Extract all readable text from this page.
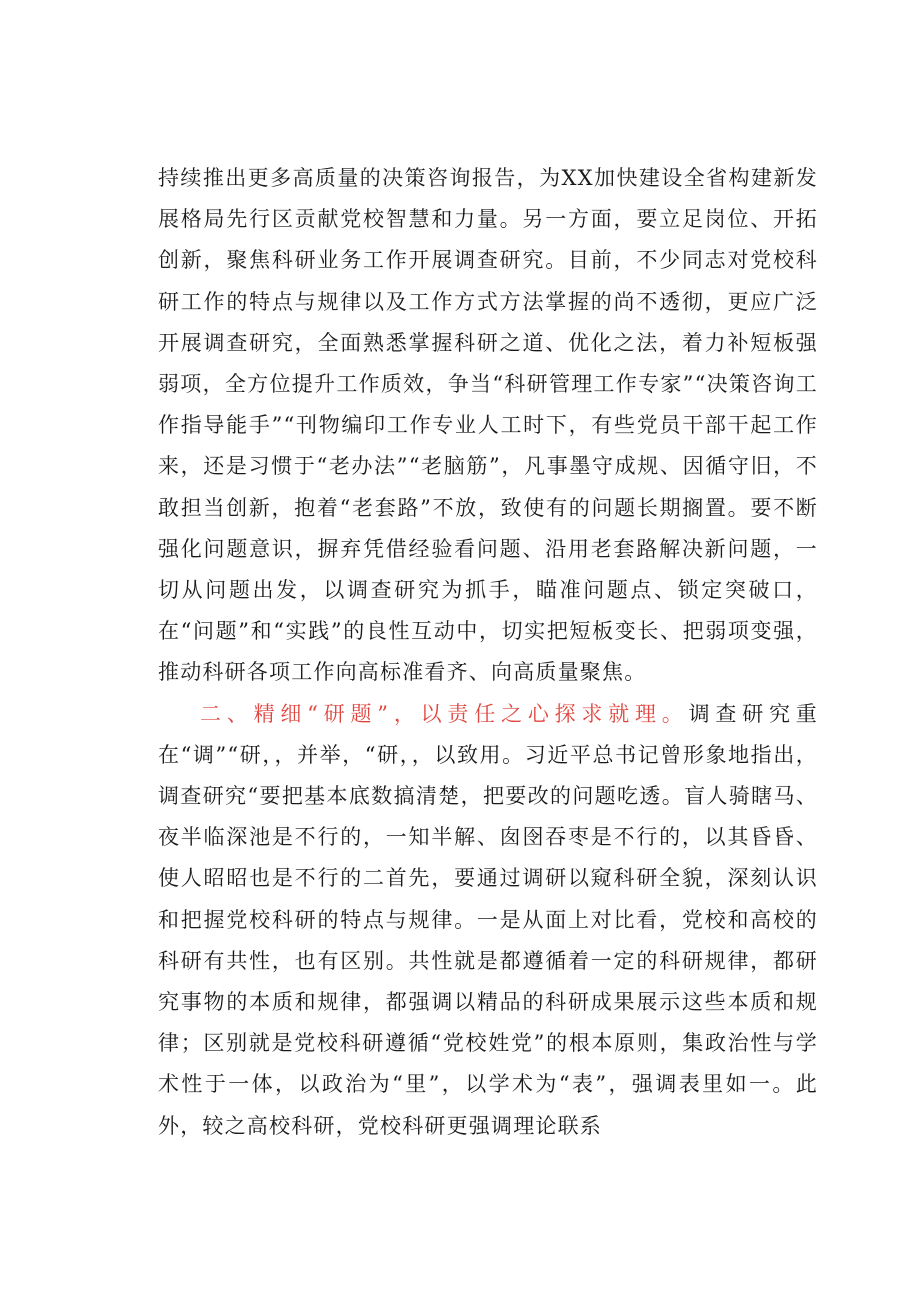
持续推出更多高质量的决策咨询报告，为XX加快建设全省构建新发展格局先行区贡献党校智慧和力量。另一方面，要立足岗位、开拓创新，聚焦科研业务工作开展调查研究。目前，不少同志对党校科研工作的特点与规律以及工作方式方法掌握的尚不透彻，更应广泛开展调查研究，全面熟悉掌握科研之道、优化之法，着力补短板强弱项，全方位提升工作质效，争当“科研管理工作专家”“决策咨询工作指导能手”“刊物编印工作专业人工时下，有些党员干部干起工作来，还是习惯于“老办法”“老脑筋”，凡事墨守成规、因循守旧，不敢担当创新，抱着“老套路”不放，致使有的问题长期搁置。要不断强化问题意识，摒弃凭借经验看问题、沿用老套路解决新问题，一切从问题出发，以调查研究为抓手，瞄准问题点、锁定突破口，在“问题”和“实践”的良性互动中，切实把短板变长、把弱项变强，推动科研各项工作向高标准看齐、向高质量聚焦。

二、精细“研题”，以责任之心探求就理。调查研究重在“调”“研，，并举，“研，，以致用。习近平总书记曾形象地指出，调查研究“要把基本底数搞清楚，把要改的问题吃透。盲人骑瞎马、夜半临深池是不行的，一知半解、囱囹吞枣是不行的，以其昏昏、使人昭昭也是不行的二首先，要通过调研以窥科研全貌，深刻认识和把握党校科研的特点与规律。一是从面上对比看，党校和高校的科研有共性，也有区别。共性就是都遵循着一定的科研规律，都研究事物的本质和规律，都强调以精品的科研成果展示这些本质和规律；区别就是党校科研遵循“党校姓党”的根本原则，集政治性与学术性于一体，以政治为“里”，以学术为“表”，强调表里如一。此外，较之高校科研，党校科研更强调理论联系
